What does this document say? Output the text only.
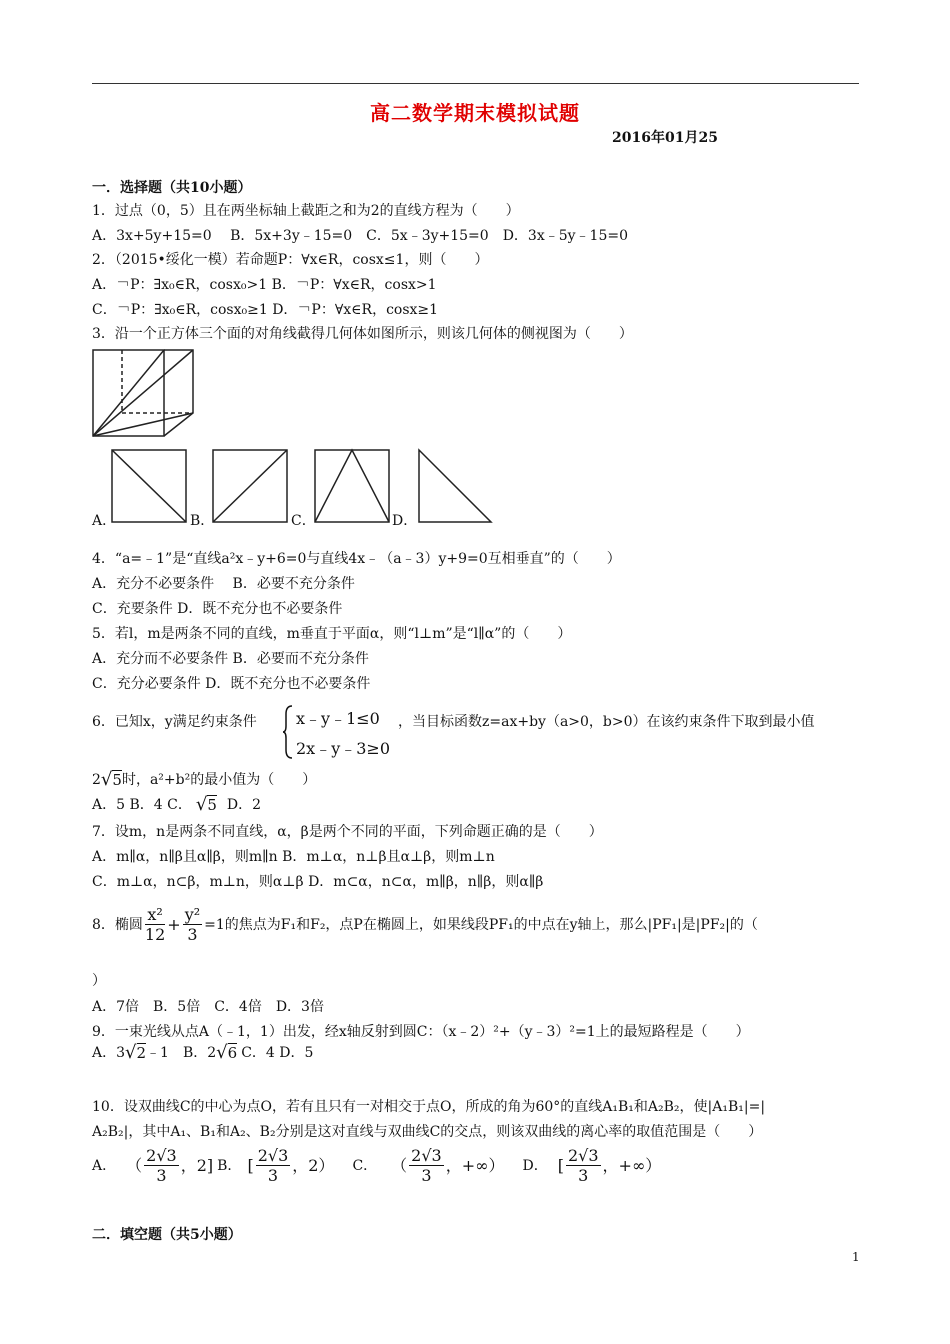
高二数学期末模拟试题
2016年01月25
一．选择题（共10小题）
1．过点（0，5）且在两坐标轴上截距之和为2的直线方程为（　　）
A．3x+5y+15=0　 B．5x+3y﹣15=0　C．5x﹣3y+15=0　D．3x﹣5y﹣15=0
2．（2015•绥化一模）若命题P：∀x∈R，cosx≤1，则（　　）
A．￢P：∃x₀∈R，cosx₀>1 B．￢P：∀x∈R，cosx>1
C．￢P：∃x₀∈R，cosx₀≥1 D．￢P：∀x∈R，cosx≥1
3．沿一个正方体三个面的对角线截得几何体如图所示，则该几何体的侧视图为（　　）
A．	B．	C．	D．
4．“a=﹣1”是“直线a²x﹣y+6=0与直线4x﹣（a﹣3）y+9=0互相垂直”的（　　）
A．充分不必要条件　 B．必要不充分条件
C．充要条件 D．既不充分也不必要条件
5．若l，m是两条不同的直线，m垂直于平面α，则“l⊥m”是“l∥α”的（　　）
A．充分而不必要条件 B．必要而不充分条件
C．充分必要条件 D．既不充分也不必要条件
6．已知x，y满足约束条件 x﹣y﹣1≤0
2x﹣y﹣3≥0
，当目标函数z=ax+by（a>0，b>0）在该约束条件下取到最小值
2 √ 5 时，a²+b²的最小值为（　　）
A．5 B．4 C． √ 5 D．2
7．设m，n是两条不同直线，α，β是两个不同的平面，下列命题正确的是（　　）
A．m∥α，n∥β且α∥β，则m∥n B．m⊥α，n⊥β且α⊥β，则m⊥n
C．m⊥α，n⊂β，m⊥n，则α⊥β D．m⊂α，n⊂α，m∥β，n∥β，则α∥β
8．椭圆 $\frac{\text{x²}}{12} + \frac{\text{y²}}{3} =1$的焦点为F₁和F₂，点P在椭圆上，如果线段PF₁的中点在y轴上，那么|PF₁|是|PF₂|的（
）
A．7倍　B．5倍　C．4倍　D．3倍
9．一束光线从点A（﹣1，1）出发，经x轴反射到圆C：（x﹣2）²+（y﹣3）²=1上的最短路程是（　　）
A．3 √ 2 ﹣1　B．2 √ 6 C．4 D．5
10．设双曲线C的中心为点O，若有且只有一对相交于点O，所成的角为60°的直线A₁B₁和A₂B₂，使|A₁B₁|=|
A₂B₂|，其中A₁、B₁和A₂、B₂分别是这对直线与双曲线C的交点，则该双曲线的离心率的取值范围是（　　）
A． （ $\frac{2√3}{3}$ ，2] B． [ $\frac{2√3}{3}$ ，2） C． （ $\frac{2√3}{3}$ ，+∞） D． [ $\frac{2√3}{3}$ ，+∞）
二．填空题（共5小题）
1
